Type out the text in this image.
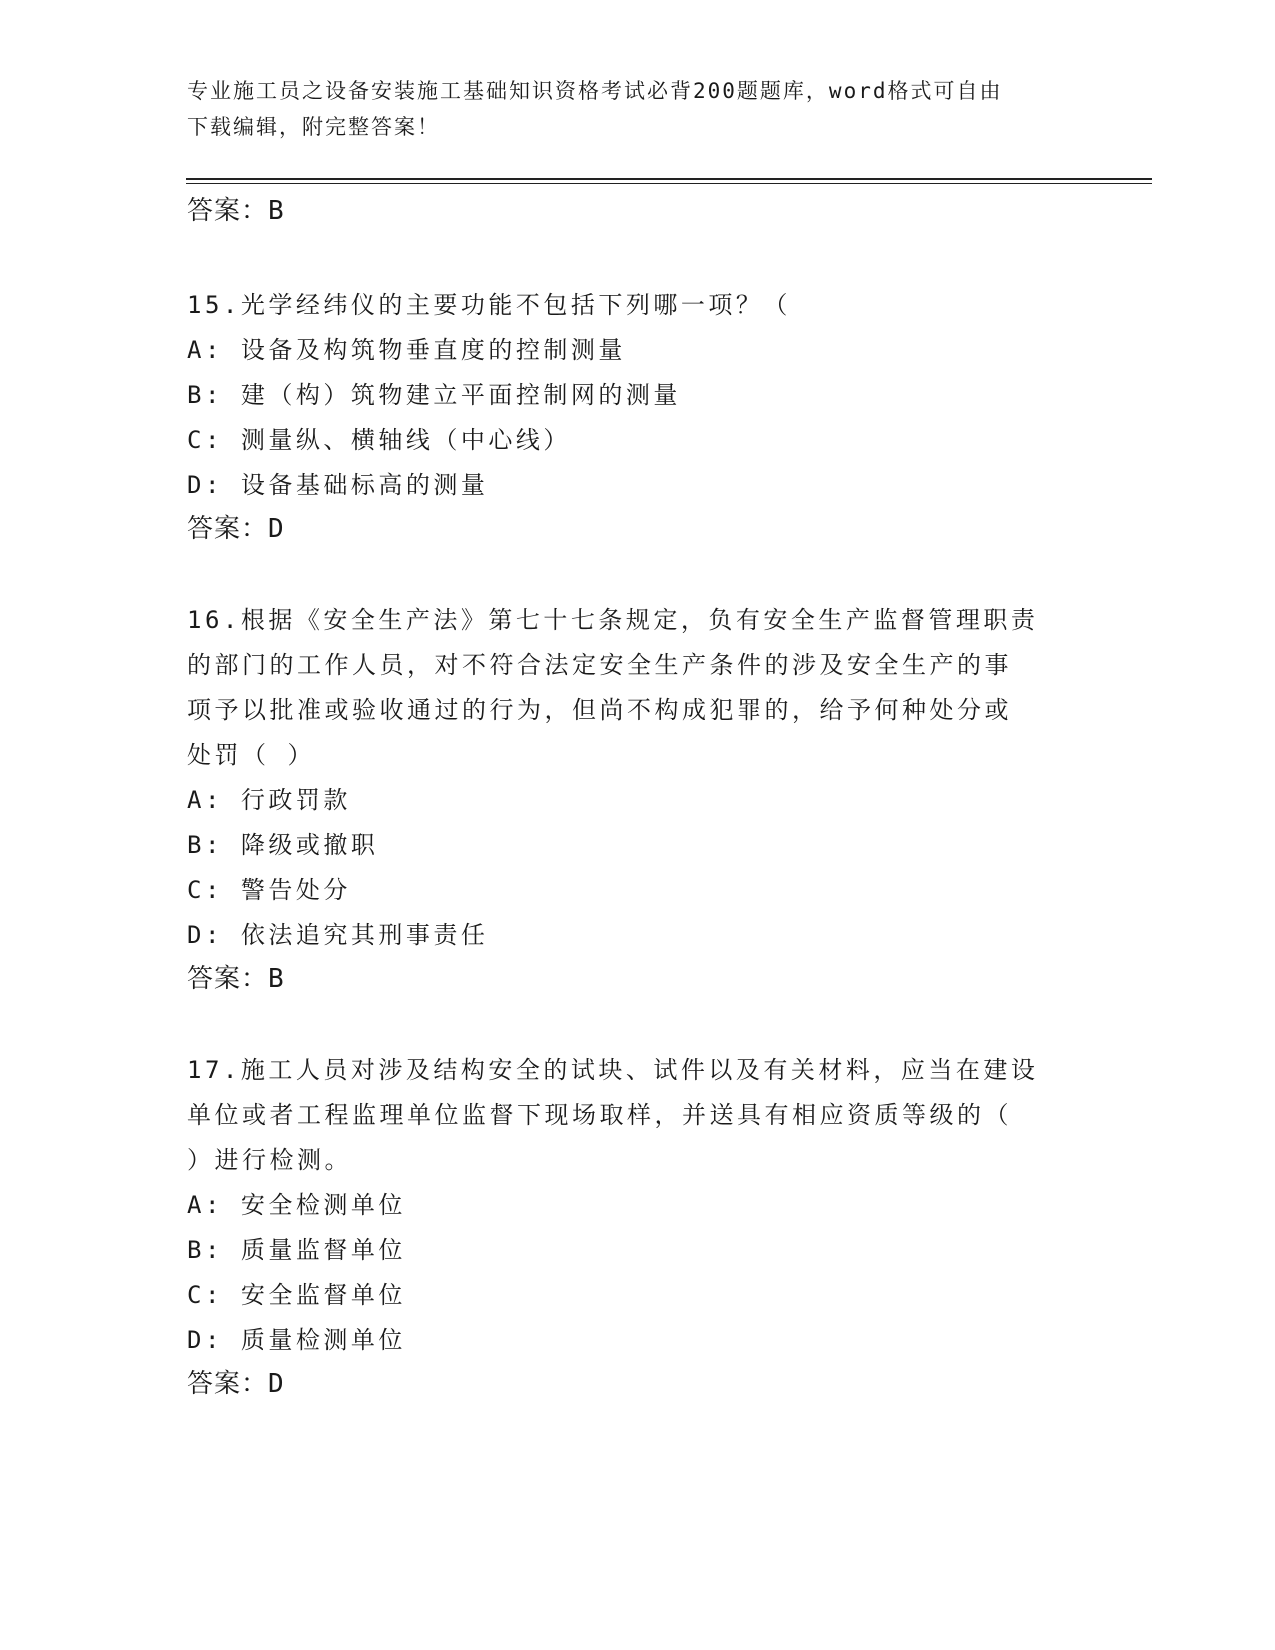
专业施工员之设备安装施工基础知识资格考试必背200题题库，word格式可自由
下载编辑，附完整答案！
答案：B
15.光学经纬仪的主要功能不包括下列哪一项？（
A: 设备及构筑物垂直度的控制测量
B: 建（构）筑物建立平面控制网的测量
C: 测量纵、横轴线（中心线）
D: 设备基础标高的测量
答案：D
16.根据《安全生产法》第七十七条规定，负有安全生产监督管理职责
的部门的工作人员，对不符合法定安全生产条件的涉及安全生产的事
项予以批准或验收通过的行为，但尚不构成犯罪的，给予何种处分或
处罚（ ）
A: 行政罚款
B: 降级或撤职
C: 警告处分
D: 依法追究其刑事责任
答案：B
17.施工人员对涉及结构安全的试块、试件以及有关材料，应当在建设
单位或者工程监理单位监督下现场取样，并送具有相应资质等级的（
）进行检测。
A: 安全检测单位
B: 质量监督单位
C: 安全监督单位
D: 质量检测单位
答案：D
